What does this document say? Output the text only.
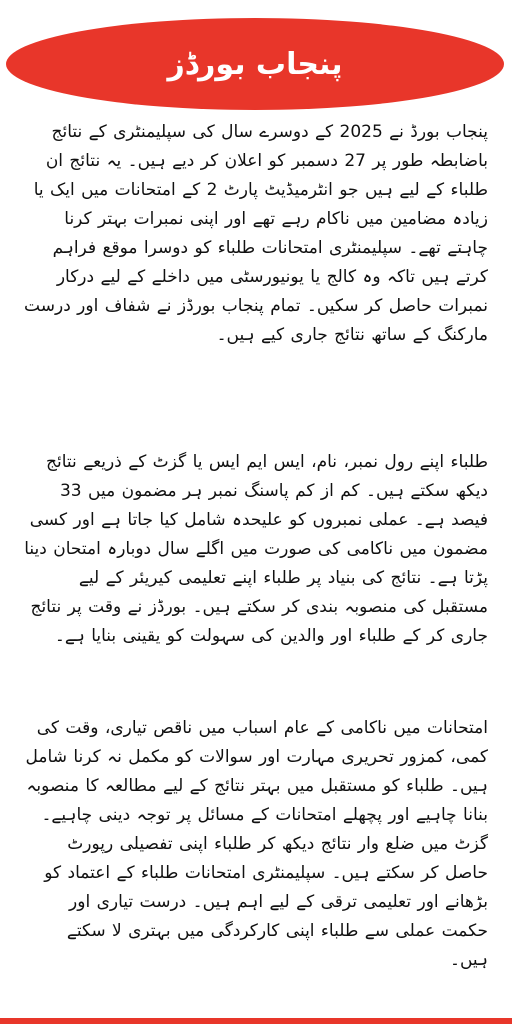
پنجاب بورڈز

پنجاب بورڈ نے 2025 کے دوسرے سال کی سپلیمنٹری کے نتائج باضابطہ طور پر 27 دسمبر کو اعلان کر دیے ہیں۔ یہ نتائج ان طلباء کے لیے ہیں جو انٹرمیڈیٹ پارٹ 2 کے امتحانات میں ایک یا زیادہ مضامین میں ناکام رہے تھے اور اپنی نمبرات بہتر کرنا چاہتے تھے۔ سپلیمنٹری امتحانات طلباء کو دوسرا موقع فراہم کرتے ہیں تاکہ وہ کالج یا یونیورسٹی میں داخلے کے لیے درکار نمبرات حاصل کر سکیں۔ تمام پنجاب بورڈز نے شفاف اور درست مارکنگ کے ساتھ نتائج جاری کیے ہیں۔

طلباء اپنے رول نمبر، نام، ایس ایم ایس یا گزٹ کے ذریعے نتائج دیکھ سکتے ہیں۔ کم از کم پاسنگ نمبر ہر مضمون میں 33 فیصد ہے۔ عملی نمبروں کو علیحدہ شامل کیا جاتا ہے اور کسی مضمون میں ناکامی کی صورت میں اگلے سال دوبارہ امتحان دینا پڑتا ہے۔ نتائج کی بنیاد پر طلباء اپنے تعلیمی کیریئر کے لیے مستقبل کی منصوبہ بندی کر سکتے ہیں۔ بورڈز نے وقت پر نتائج جاری کر کے طلباء اور والدین کی سہولت کو یقینی بنایا ہے۔

امتحانات میں ناکامی کے عام اسباب میں ناقص تیاری، وقت کی کمی، کمزور تحریری مہارت اور سوالات کو مکمل نہ کرنا شامل ہیں۔ طلباء کو مستقبل میں بہتر نتائج کے لیے مطالعہ کا منصوبہ بنانا چاہیے اور پچھلے امتحانات کے مسائل پر توجہ دینی چاہیے۔ گزٹ میں ضلع وار نتائج دیکھ کر طلباء اپنی تفصیلی رپورٹ حاصل کر سکتے ہیں۔ سپلیمنٹری امتحانات طلباء کے اعتماد کو بڑھانے اور تعلیمی ترقی کے لیے اہم ہیں۔ درست تیاری اور حکمت عملی سے طلباء اپنی کارکردگی میں بہتری لا سکتے ہیں۔
